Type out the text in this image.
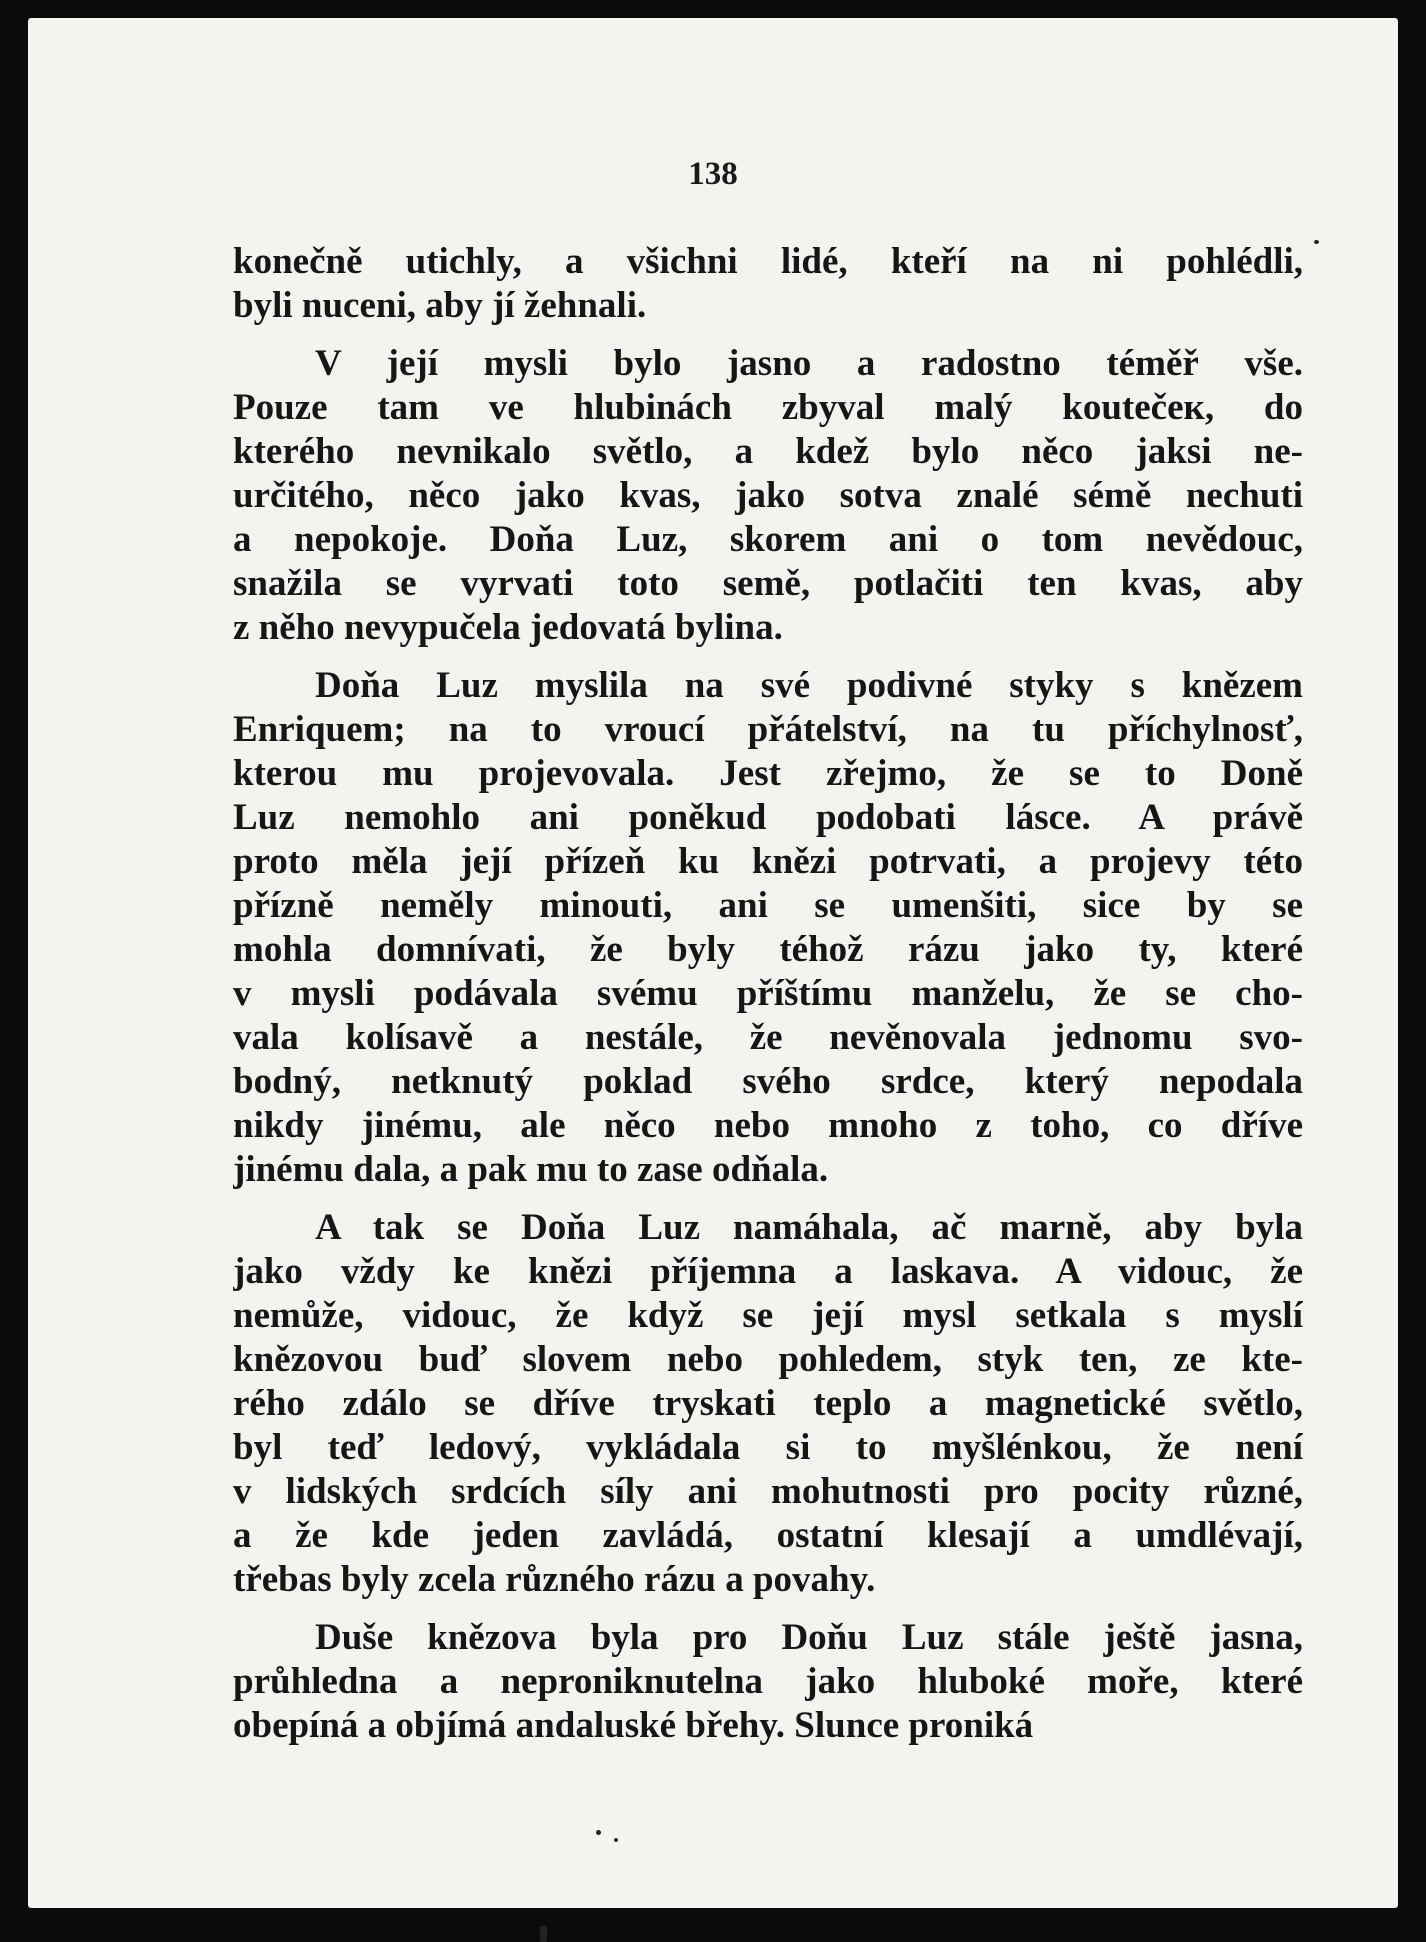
138
konečně utichly, a všichni lidé, kteří na ni pohlédli,
byli nuceni, aby jí žehnali.
V její mysli bylo jasno a radostno téměř vše.
Pouze tam ve hlubinách zbyval malý koutečeк, do
kterého nevnikalo světlo, a kdež bylo něco jaksi ne-
určitého, něco jako kvas, jako sotva znalé sémě nechuti
a nepokoje. Doňa Luz, skorem ani o tom nevědouc,
snažila se vyrvati toto semě, potlačiti ten kvas, aby
z něho nevypučela jedovatá bylina.
Doňa Luz myslila na své podivné styky s knězem
Enriquem; na to vroucí přátelství, na tu příchylnosť,
kterou mu projevovala. Jest zřejmo, že se to Doně
Luz nemohlo ani poněkud podobati lásce. A právě
proto měla její přízeň ku knězi potrvati, a projevy této
přízně neměly minouti, ani se umenšiti, sice by se
mohla domnívati, že byly téhož rázu jako ty, které
v mysli podávala svému příštímu manželu, že se cho-
vala kolísavě a nestále, že nevěnovala jednomu svo-
bodný, netknutý poklad svého srdce, který nepodala
nikdy jinému, ale něco nebo mnoho z toho, co dříve
jinému dala, a pak mu to zase odňala.
A tak se Doňa Luz namáhala, ač marně, aby byla
jako vždy ke knězi příjemna a laskava. A vidouc, že
nemůže, vidouc, že když se její mysl setkala s myslí
knězovou buď slovem nebo pohledem, styk ten, ze kte-
rého zdálo se dříve tryskati teplo a magnetické světlo,
byl teď ledový, vykládala si to myšlénkou, že není
v lidských srdcích síly ani mohutnosti pro pocity různé,
a že kde jeden zavládá, ostatní klesají a umdlévají,
třebas byly zcela různého rázu a povahy.
Duše knězova byla pro Doňu Luz stále ještě jasna,
průhledna a neproniknutelna jako hluboké moře, které
obepíná a objímá andaluské břehy. Slunce proniká
